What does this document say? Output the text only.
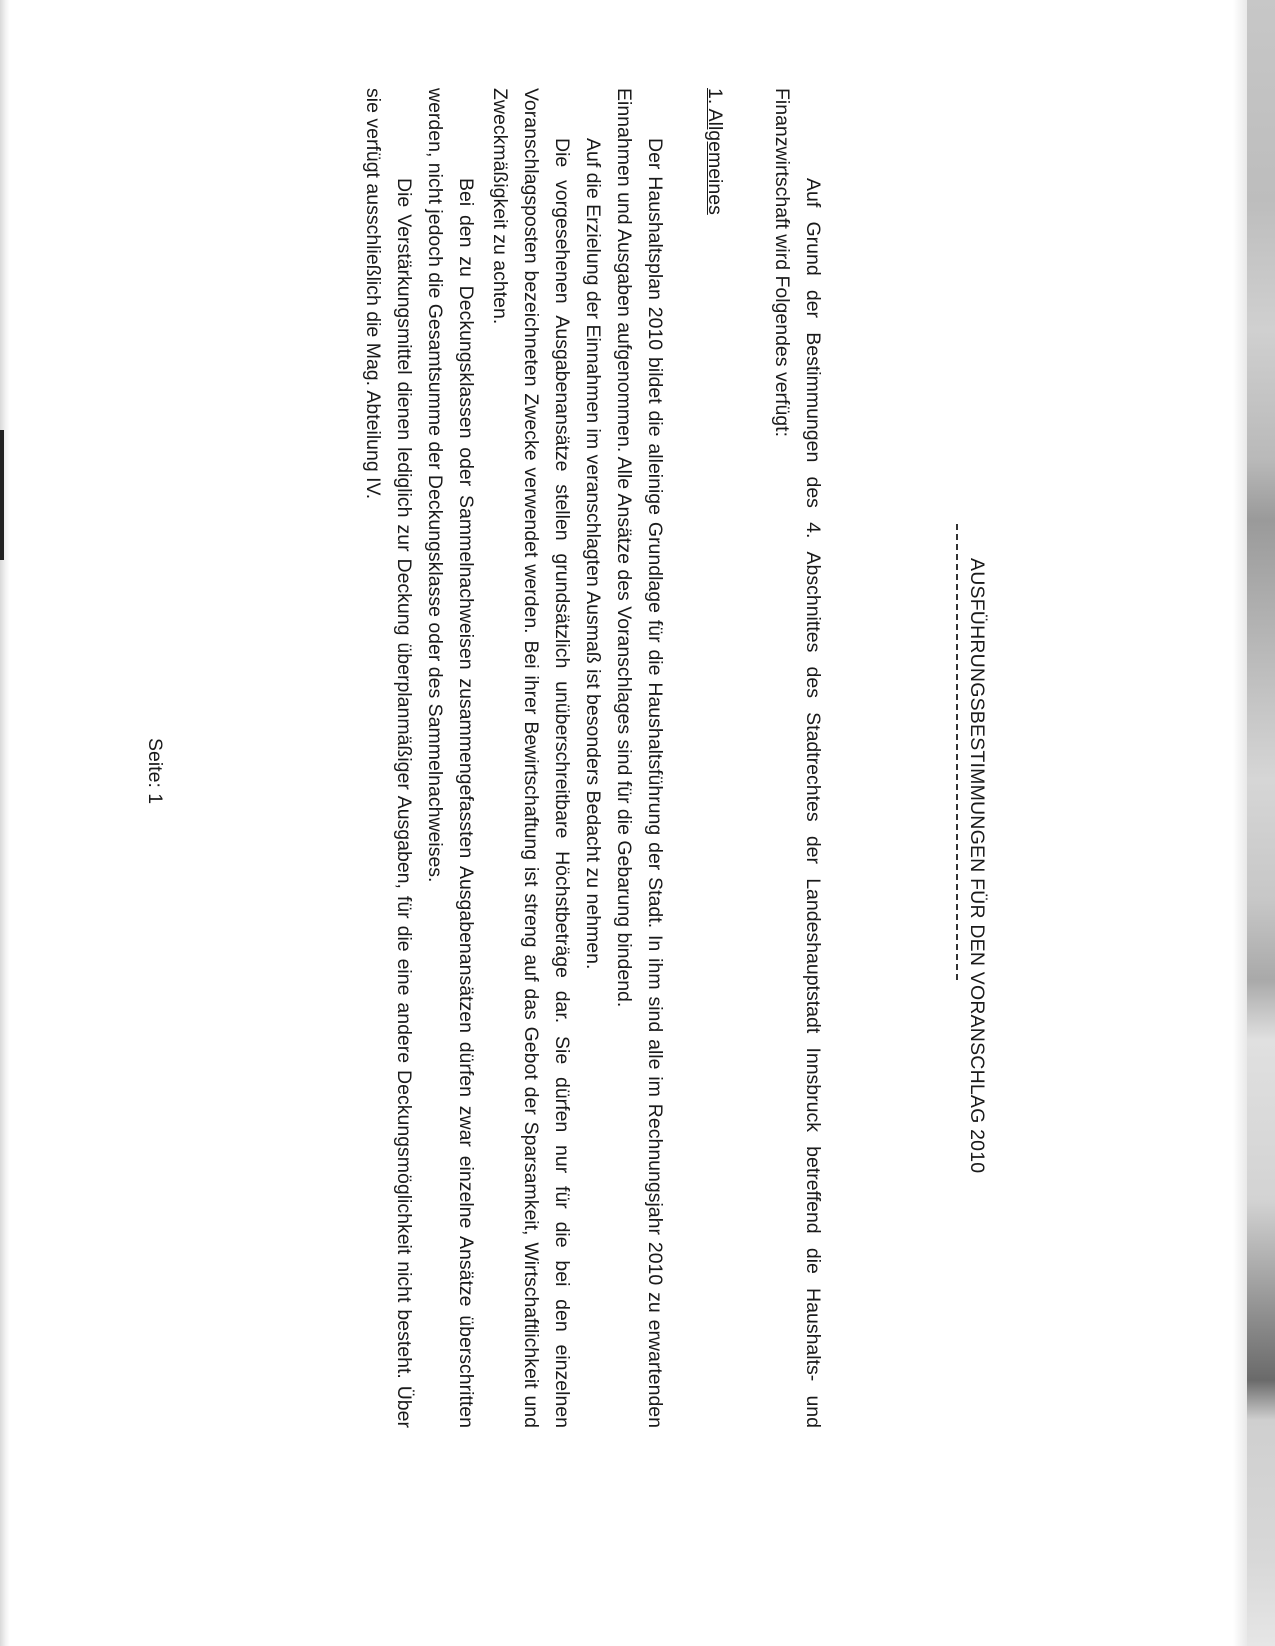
AUSFÜHRUNGSBESTIMMUNGEN FÜR DEN VORANSCHLAG 2010

Auf Grund der Bestimmungen des 4. Abschnittes des Stadtrechtes der Landeshauptstadt Innsbruck betreffend die Haushalts- und Finanzwirtschaft wird Folgendes verfügt:

1. Allgemeines

Der Haushaltsplan 2010 bildet die alleinige Grundlage für die Haushaltsführung der Stadt. In ihm sind alle im Rechnungsjahr 2010 zu erwartenden Einnahmen und Ausgaben aufgenommen. Alle Ansätze des Voranschlages sind für die Gebarung bindend.

Auf die Erzielung der Einnahmen im veranschlagten Ausmaß ist besonders Bedacht zu nehmen.

Die vorgesehenen Ausgabenansätze stellen grundsätzlich unüberschreitbare Höchstbeträge dar. Sie dürfen nur für die bei den einzelnen Voranschlagsposten bezeichneten Zwecke verwendet werden. Bei ihrer Bewirtschaftung ist streng auf das Gebot der Sparsamkeit, Wirtschaftlichkeit und Zweckmäßigkeit zu achten.

Bei den zu Deckungsklassen oder Sammelnachweisen zusammengefassten Ausgabenansätzen dürfen zwar einzelne Ansätze überschritten werden, nicht jedoch die Gesamtsumme der Deckungsklasse oder des Sammelnachweises.

Die Verstärkungsmittel dienen lediglich zur Deckung überplanmäßiger Ausgaben, für die eine andere Deckungsmöglichkeit nicht besteht. Über sie verfügt ausschließlich die Mag. Abteilung IV.

Seite: 1
